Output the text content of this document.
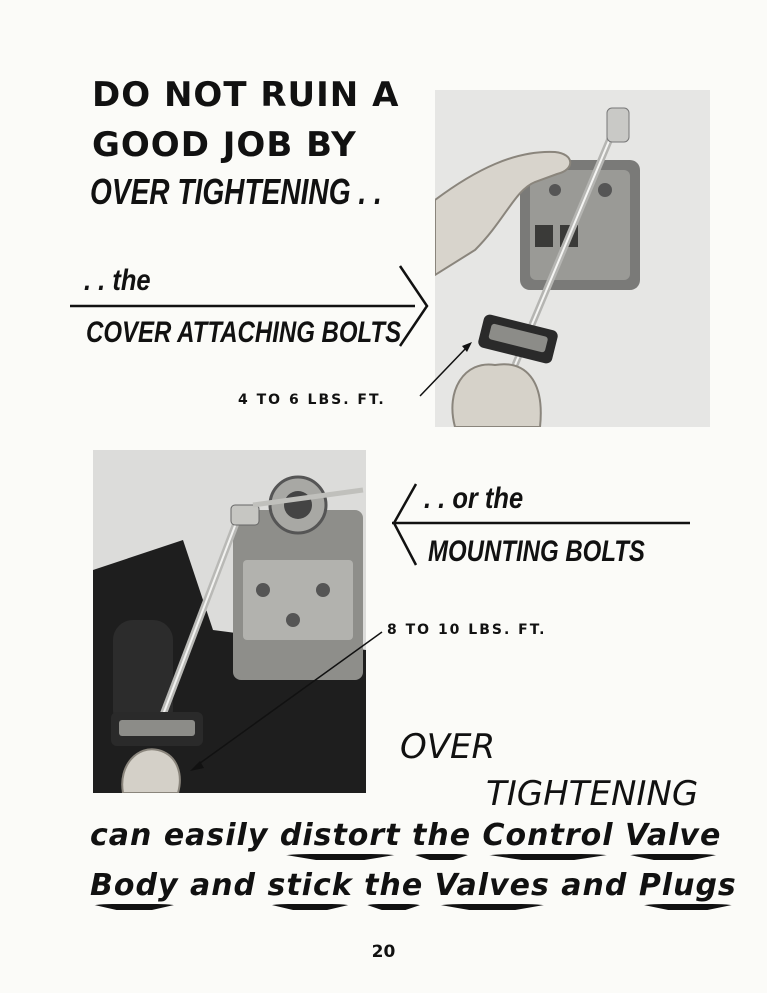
DO NOT RUIN A
GOOD JOB BY
OVER TIGHTENING . .
. . the
COVER ATTACHING BOLTS
4 TO 6 LBS. FT.
. . or the
MOUNTING BOLTS
8 TO 10 LBS. FT.
OVER
TIGHTENING
can easily distort the Control Valve
Body and stick the Valves and Plugs
20
